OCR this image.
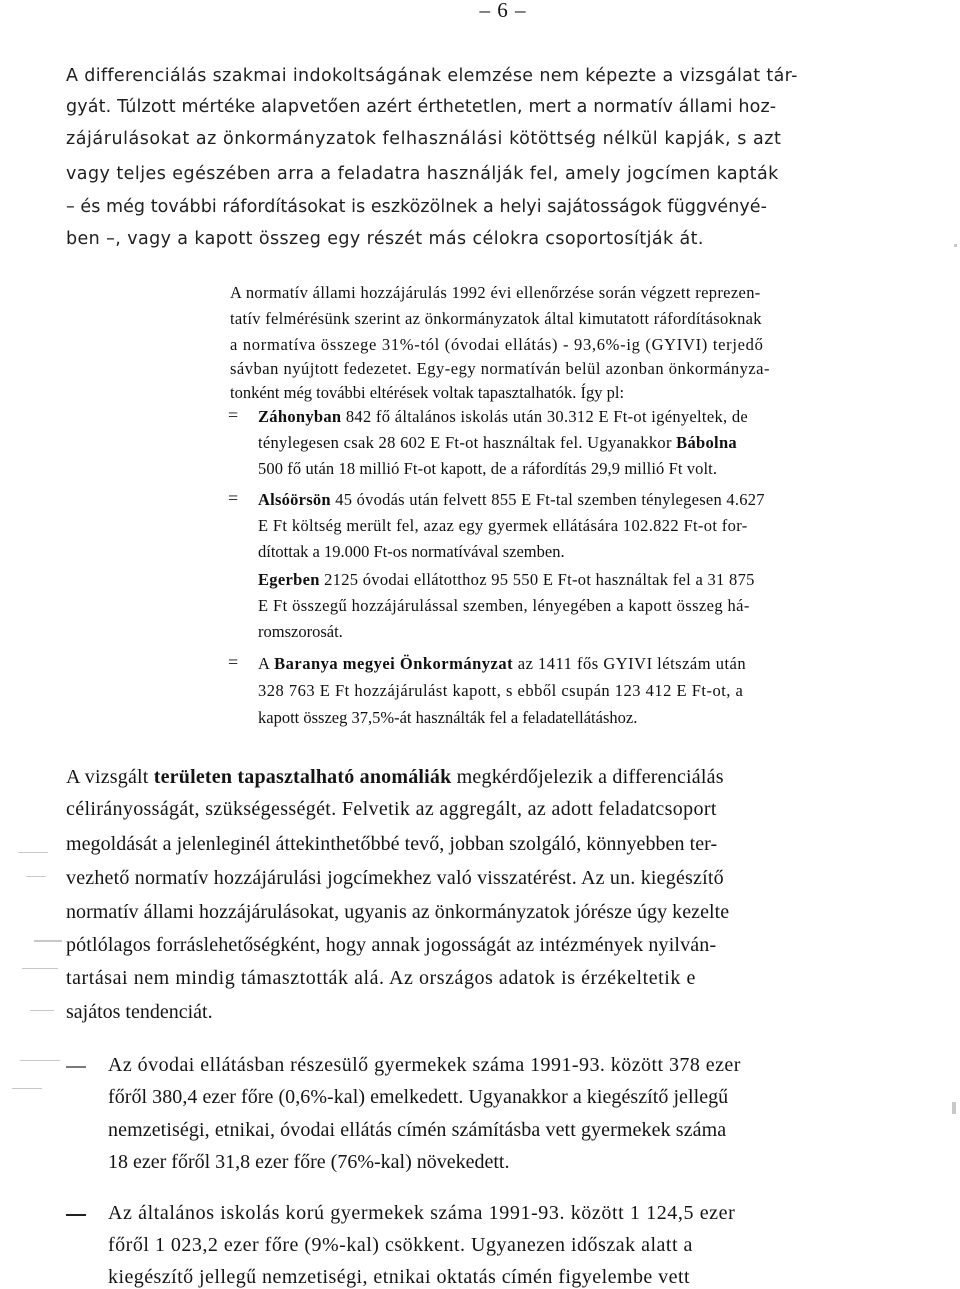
– 6 –
A differenciálás szakmai indokoltságának elemzése nem képezte a vizsgálat tár-
gyát. Túlzott mértéke alapvetően azért érthetetlen, mert a normatív állami hoz-
zájárulásokat az önkormányzatok felhasználási kötöttség nélkül kapják, s azt
vagy teljes egészében arra a feladatra használják fel, amely jogcímen kapták
– és még további ráfordításokat is eszközölnek a helyi sajátosságok függvényé-
ben –, vagy a kapott összeg egy részét más célokra csoportosítják át.
A normatív állami hozzájárulás 1992 évi ellenőrzése során végzett reprezen-
tatív felmérésünk szerint az önkormányzatok által kimutatott ráfordításoknak
a normatíva összege 31%-tól (óvodai ellátás) - 93,6%-ig (GYIVI) terjedő
sávban nyújtott fedezetet. Egy-egy normatíván belül azonban önkormányza-
tonként még további eltérések voltak tapasztalhatók. Így pl:
= Záhonyban 842 fő általános iskolás után 30.312 E Ft-ot igényeltek, de
ténylegesen csak 28 602 E Ft-ot használtak fel. Ugyanakkor Bábolna
500 fő után 18 millió Ft-ot kapott, de a ráfordítás 29,9 millió Ft volt.
= Alsóörsön 45 óvodás után felvett 855 E Ft-tal szemben ténylegesen 4.627
E Ft költség merült fel, azaz egy gyermek ellátására 102.822 Ft-ot for-
dítottak a 19.000 Ft-os normatívával szemben.
Egerben 2125 óvodai ellátotthoz 95 550 E Ft-ot használtak fel a 31 875
E Ft összegű hozzájárulással szemben, lényegében a kapott összeg há-
romszorosát.
= A Baranya megyei Önkormányzat az 1411 fős GYIVI létszám után
328 763 E Ft hozzájárulást kapott, s ebből csupán 123 412 E Ft-ot, a
kapott összeg 37,5%-át használták fel a feladatellátáshoz.
A vizsgált területen tapasztalható anomáliák megkérdőjelezik a differenciálás
célirányosságát, szükségességét. Felvetik az aggregált, az adott feladatcsoport
megoldását a jelenleginél áttekinthetőbbé tevő, jobban szolgáló, könnyebben ter-
vezhető normatív hozzájárulási jogcímekhez való visszatérést. Az un. kiegészítő
normatív állami hozzájárulásokat, ugyanis az önkormányzatok jórésze úgy kezelte
pótlólagos forráslehetőségként, hogy annak jogosságát az intézmények nyilván-
tartásai nem mindig támasztották alá. Az országos adatok is érzékeltetik e
sajátos tendenciát.
Az óvodai ellátásban részesülő gyermekek száma 1991-93. között 378 ezer
főről 380,4 ezer főre (0,6%-kal) emelkedett. Ugyanakkor a kiegészítő jellegű
nemzetiségi, etnikai, óvodai ellátás címén számításba vett gyermekek száma
18 ezer főről 31,8 ezer főre (76%-kal) növekedett.
Az általános iskolás korú gyermekek száma 1991-93. között 1 124,5 ezer
főről 1 023,2 ezer főre (9%-kal) csökkent. Ugyanezen időszak alatt a
kiegészítő jellegű nemzetiségi, etnikai oktatás címén figyelembe vett
